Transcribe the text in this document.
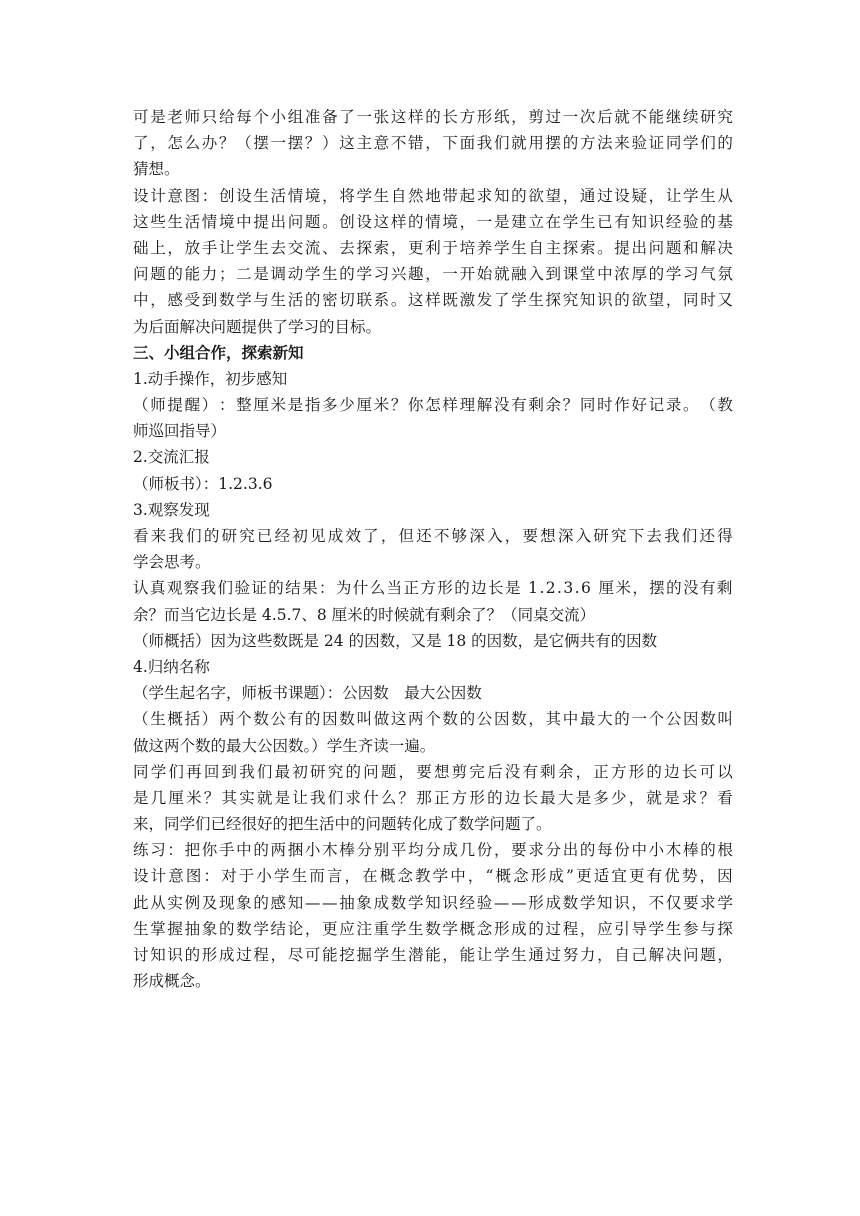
可 是 老 师 只 给 每 个 小 组 准 备 了 一 张 这 样 的 长 方 形 纸 ， 剪 过 一 次 后 就 不 能 继 续 研 究
了 ， 怎 么 办 ？ （ 摆 一 摆 ？ ） 这 主 意 不 错 ， 下 面 我 们 就 用 摆 的 方 法 来 验 证 同 学 们 的
猜想。
设 计 意 图 ： 创 设 生 活 情 境 ， 将 学 生 自 然 地 带 起 求 知 的 欲 望 ， 通 过 设 疑 ， 让 学 生 从
这 些 生 活 情 境 中 提 出 问 题 。 创 设 这 样 的 情 境 ， 一 是 建 立 在 学 生 已 有 知 识 经 验 的 基
础 上 ， 放 手 让 学 生 去 交 流 、 去 探 索 ， 更 利 于 培 养 学 生 自 主 探 索 。 提 出 问 题 和 解 决
问 题 的 能 力 ； 二 是 调 动 学 生 的 学 习 兴 趣 ， 一 开 始 就 融 入 到 课 堂 中 浓 厚 的 学 习 气 氛
中 ， 感 受 到 数 学 与 生 活 的 密 切 联 系 。 这 样 既 激 发 了 学 生 探 究 知 识 的 欲 望 ， 同 时 又
为后面解决问题提供了学习的目标。
三、小组合作，探索新知
1.动手操作，初步感知
（ 师 提 醒 ） ： 整 厘 米 是 指 多 少 厘 米 ？ 你 怎 样 理 解 没 有 剩 余 ？ 同 时 作 好 记 录 。 （ 教
师巡回指导）
2.交流汇报
（师板书）：1.2.3.6
3.观察发现
看 来 我 们 的 研 究 已 经 初 见 成 效 了 ， 但 还 不 够 深 入 ， 要 想 深 入 研 究 下 去 我 们 还 得
学会思考。
认 真 观 察 我 们 验 证 的 结 果 ： 为 什 么 当 正 方 形 的 边 长 是
1 . 2 . 3 . 6
厘 米 ， 摆 的 没 有 剩
余？而当它边长是 4.5.7、8 厘米的时候就有剩余了？（同桌交流）
（师概括）因为这些数既是 24 的因数，又是 18 的因数，是它俩共有的因数
4.归纳名称
（学生起名字，师板书课题）：公因数　最大公因数
（ 生 概 括 ） 两 个 数 公 有 的 因 数 叫 做 这 两 个 数 的 公 因 数 ， 其 中 最 大 的 一 个 公 因 数 叫
做这两个数的最大公因数。）学生齐读一遍。
同 学 们 再 回 到 我 们 最 初 研 究 的 问 题 ， 要 想 剪 完 后 没 有 剩 余 ， 正 方 形 的 边 长 可 以
是 几 厘 米 ？ 其 实 就 是 让 我 们 求 什 么 ？ 那 正 方 形 的 边 长 最 大 是 多 少 ， 就 是 求 ？ 看
来，同学们已经很好的把生活中的问题转化成了数学问题了。
练 习 ： 把 你 手 中 的 两 捆 小 木 棒 分 别 平 均 分 成 几 份 ， 要 求 分 出 的 每 份 中 小 木 棒 的 根
设 计 意 图 ： 对 于 小 学 生 而 言 ， 在 概 念 教 学 中 ， “ 概 念 形 成 ” 更 适 宜 更 有 优 势 ， 因
此 从 实 例 及 现 象 的 感 知 — — 抽 象 成 数 学 知 识 经 验 — — 形 成 数 学 知 识 ， 不 仅 要 求 学
生 掌 握 抽 象 的 数 学 结 论 ， 更 应 注 重 学 生 数 学 概 念 形 成 的 过 程 ， 应 引 导 学 生 参 与 探
讨 知 识 的 形 成 过 程 ， 尽 可 能 挖 掘 学 生 潜 能 ， 能 让 学 生 通 过 努 力 ， 自 己 解 决 问 题 ，
形成概念。
